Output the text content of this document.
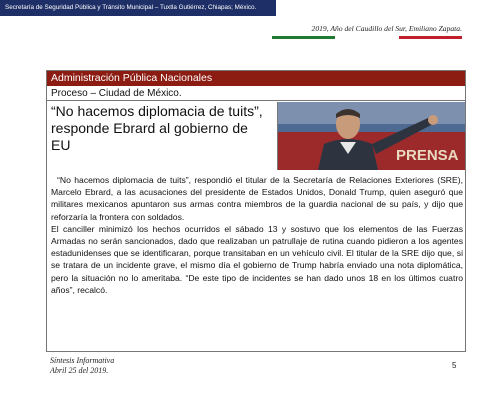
Secretaría de Seguridad Pública y Tránsito Municipal – Tuxtla Gutiérrez, Chiapas; México.
2019, Año del Caudillo del Sur, Emiliano Zapata.
Administración Pública Nacionales
Proceso – Ciudad de México.
“No hacemos diplomacia de tuits”, responde Ebrard al gobierno de EU
PRENSA

“No hacemos diplomacia de tuits”, respondió el titular de la Secretaría de Relaciones Exteriores (SRE), Marcelo Ebrard, a las acusaciones del presidente de Estados Unidos, Donald Trump, quien aseguró que militares mexicanos apuntaron sus armas contra miembros de la guardia nacional de su país, y dijo que reforzaría la frontera con soldados.

El canciller minimizó los hechos ocurridos el sábado 13 y sostuvo que los elementos de las Fuerzas Armadas no serán sancionados, dado que realizaban un patrullaje de rutina cuando pidieron a los agentes estadunidenses que se identificaran, porque transitaban en un vehículo civil. El titular de la SRE dijo que, si se tratara de un incidente grave, el mismo día el gobierno de Trump habría enviado una nota diplomática, pero la situación no lo ameritaba. “De este tipo de incidentes se han dado unos 18 en los últimos cuatro años”, recalcó.

Síntesis Informativa
Abril 25 del 2019.
5
